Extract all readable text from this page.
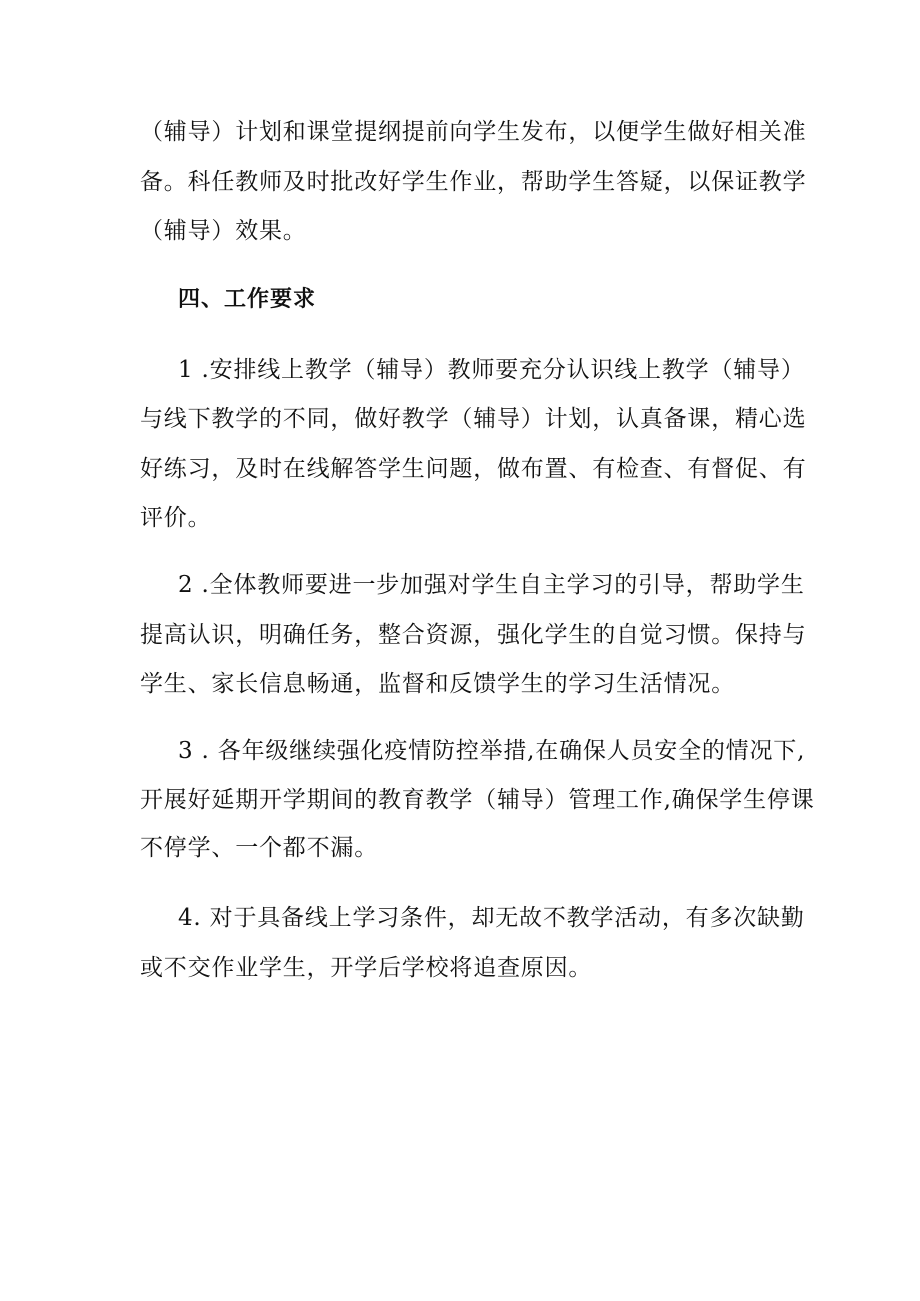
（辅导）计划和课堂提纲提前向学生发布，以便学生做好相关准
备。科任教师及时批改好学生作业，帮助学生答疑，以保证教学
（辅导）效果。
四、工作要求
1 .安排线上教学（辅导）教师要充分认识线上教学（辅导）
与线下教学的不同，做好教学（辅导）计划，认真备课，精心选
好练习，及时在线解答学生问题，做布置、有检查、有督促、有
评价。
2 .全体教师要进一步加强对学生自主学习的引导，帮助学生
提高认识，明确任务，整合资源，强化学生的自觉习惯。保持与
学生、家长信息畅通，监督和反馈学生的学习生活情况。
3 . 各年级继续强化疫情防控举措,在确保人员安全的情况下,
开展好延期开学期间的教育教学（辅导）管理工作,确保学生停课
不停学、一个都不漏。
4. 对于具备线上学习条件，却无故不教学活动，有多次缺勤
或不交作业学生，开学后学校将追查原因。
